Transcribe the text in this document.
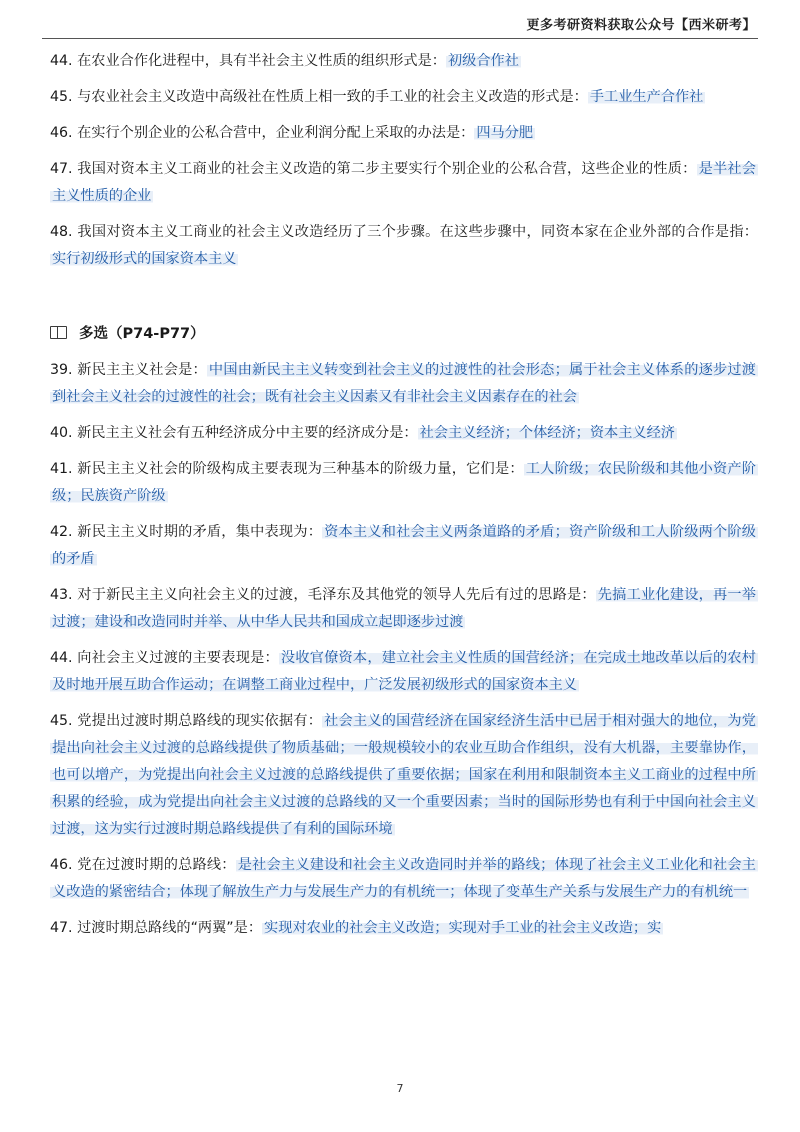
更多考研资料获取公众号【西米研考】

44. 在农业合作化进程中，具有半社会主义性质的组织形式是： 初级合作社

45. 与农业社会主义改造中高级社在性质上相一致的手工业的社会主义改造的形式是： 手工业生产合作社

46. 在实行个别企业的公私合营中，企业利润分配上采取的办法是： 四马分肥

47. 我国对资本主义工商业的社会主义改造的第二步主要实行个别企业的公私合营，这些企业的性质： 是半社会主义性质的企业

48. 我国对资本主义工商业的社会主义改造经历了三个步骤。在这些步骤中，同资本家在企业外部的合作是指：实行初级形式的国家资本主义

多选（P74-P77）

39. 新民主主义社会是： 中国由新民主主义转变到社会主义的过渡性的社会形态；属于社会主义体系的逐步过渡到社会主义社会的过渡性的社会；既有社会主义因素又有非社会主义因素存在的社会

40. 新民主主义社会有五种经济成分中主要的经济成分是： 社会主义经济；个体经济；资本主义经济

41. 新民主主义社会的阶级构成主要表现为三种基本的阶级力量，它们是： 工人阶级；农民阶级和其他小资产阶级；民族资产阶级

42. 新民主主义时期的矛盾，集中表现为： 资本主义和社会主义两条道路的矛盾；资产阶级和工人阶级两个阶级的矛盾

43. 对于新民主主义向社会主义的过渡，毛泽东及其他党的领导人先后有过的思路是： 先搞工业化建设，再一举过渡；建设和改造同时并举、从中华人民共和国成立起即逐步过渡

44. 向社会主义过渡的主要表现是： 没收官僚资本，建立社会主义性质的国营经济；在完成土地改革以后的农村及时地开展互助合作运动；在调整工商业过程中，广泛发展初级形式的国家资本主义

45. 党提出过渡时期总路线的现实依据有： 社会主义的国营经济在国家经济生活中已居于相对强大的地位，为党提出向社会主义过渡的总路线提供了物质基础；一般规模较小的农业互助合作组织，没有大机器，主要靠协作，也可以增产，为党提出向社会主义过渡的总路线提供了重要依据；国家在利用和限制资本主义工商业的过程中所积累的经验，成为党提出向社会主义过渡的总路线的又一个重要因素；当时的国际形势也有利于中国向社会主义过渡，这为实行过渡时期总路线提供了有利的国际环境

46. 党在过渡时期的总路线： 是社会主义建设和社会主义改造同时并举的路线；体现了社会主义工业化和社会主义改造的紧密结合；体现了解放生产力与发展生产力的有机统一；体现了变革生产关系与发展生产力的有机统一

47. 过渡时期总路线的“两翼”是： 实现对农业的社会主义改造；实现对手工业的社会主义改造；实

7
